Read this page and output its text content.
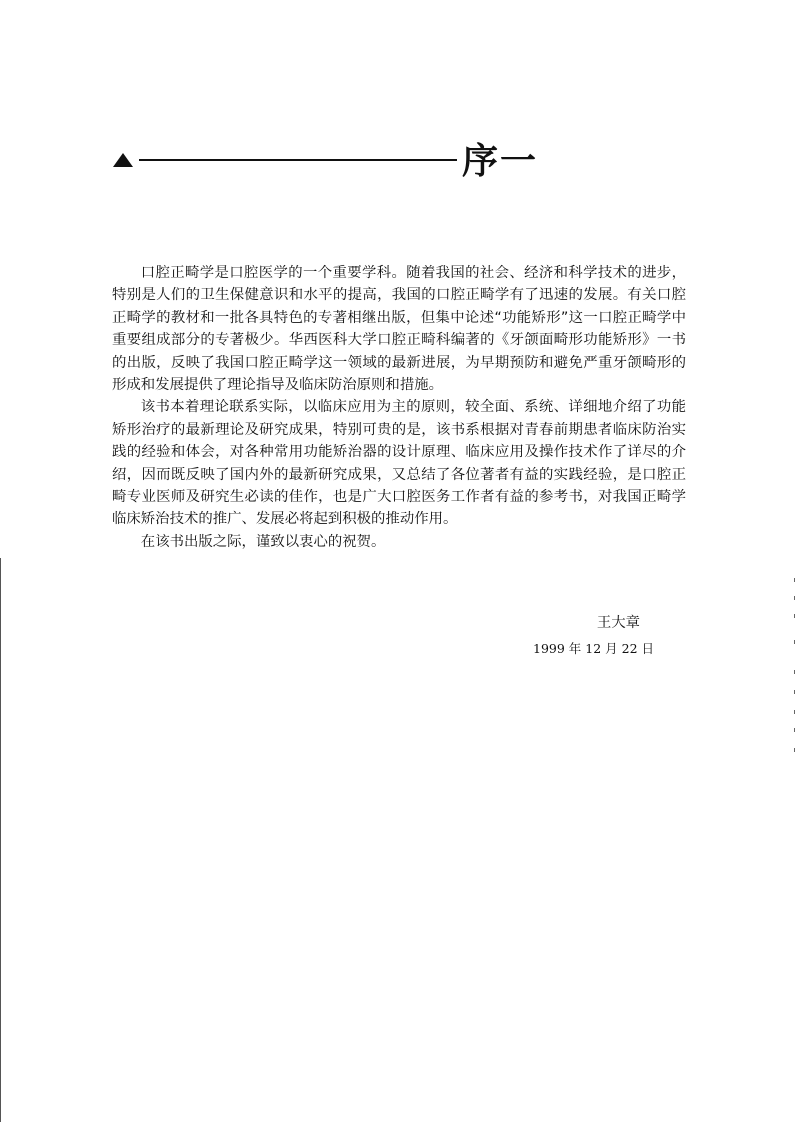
序一

口腔正畸学是口腔医学的一个重要学科。随着我国的社会、经济和科学技术的进步，特别是人们的卫生保健意识和水平的提高，我国的口腔正畸学有了迅速的发展。有关口腔正畸学的教材和一批各具特色的专著相继出版，但集中论述“功能矫形”这一口腔正畸学中重要组成部分的专著极少。华西医科大学口腔正畸科编著的《牙颌面畸形功能矫形》一书的出版，反映了我国口腔正畸学这一领域的最新进展，为早期预防和避免严重牙颌畸形的形成和发展提供了理论指导及临床防治原则和措施。

该书本着理论联系实际，以临床应用为主的原则，较全面、系统、详细地介绍了功能矫形治疗的最新理论及研究成果，特别可贵的是，该书系根据对青春前期患者临床防治实践的经验和体会，对各种常用功能矫治器的设计原理、临床应用及操作技术作了详尽的介绍，因而既反映了国内外的最新研究成果，又总结了各位著者有益的实践经验，是口腔正畸专业医师及研究生必读的佳作，也是广大口腔医务工作者有益的参考书，对我国正畸学临床矫治技术的推广、发展必将起到积极的推动作用。

在该书出版之际，谨致以衷心的祝贺。

王大章
1999 年 12 月 22 日
